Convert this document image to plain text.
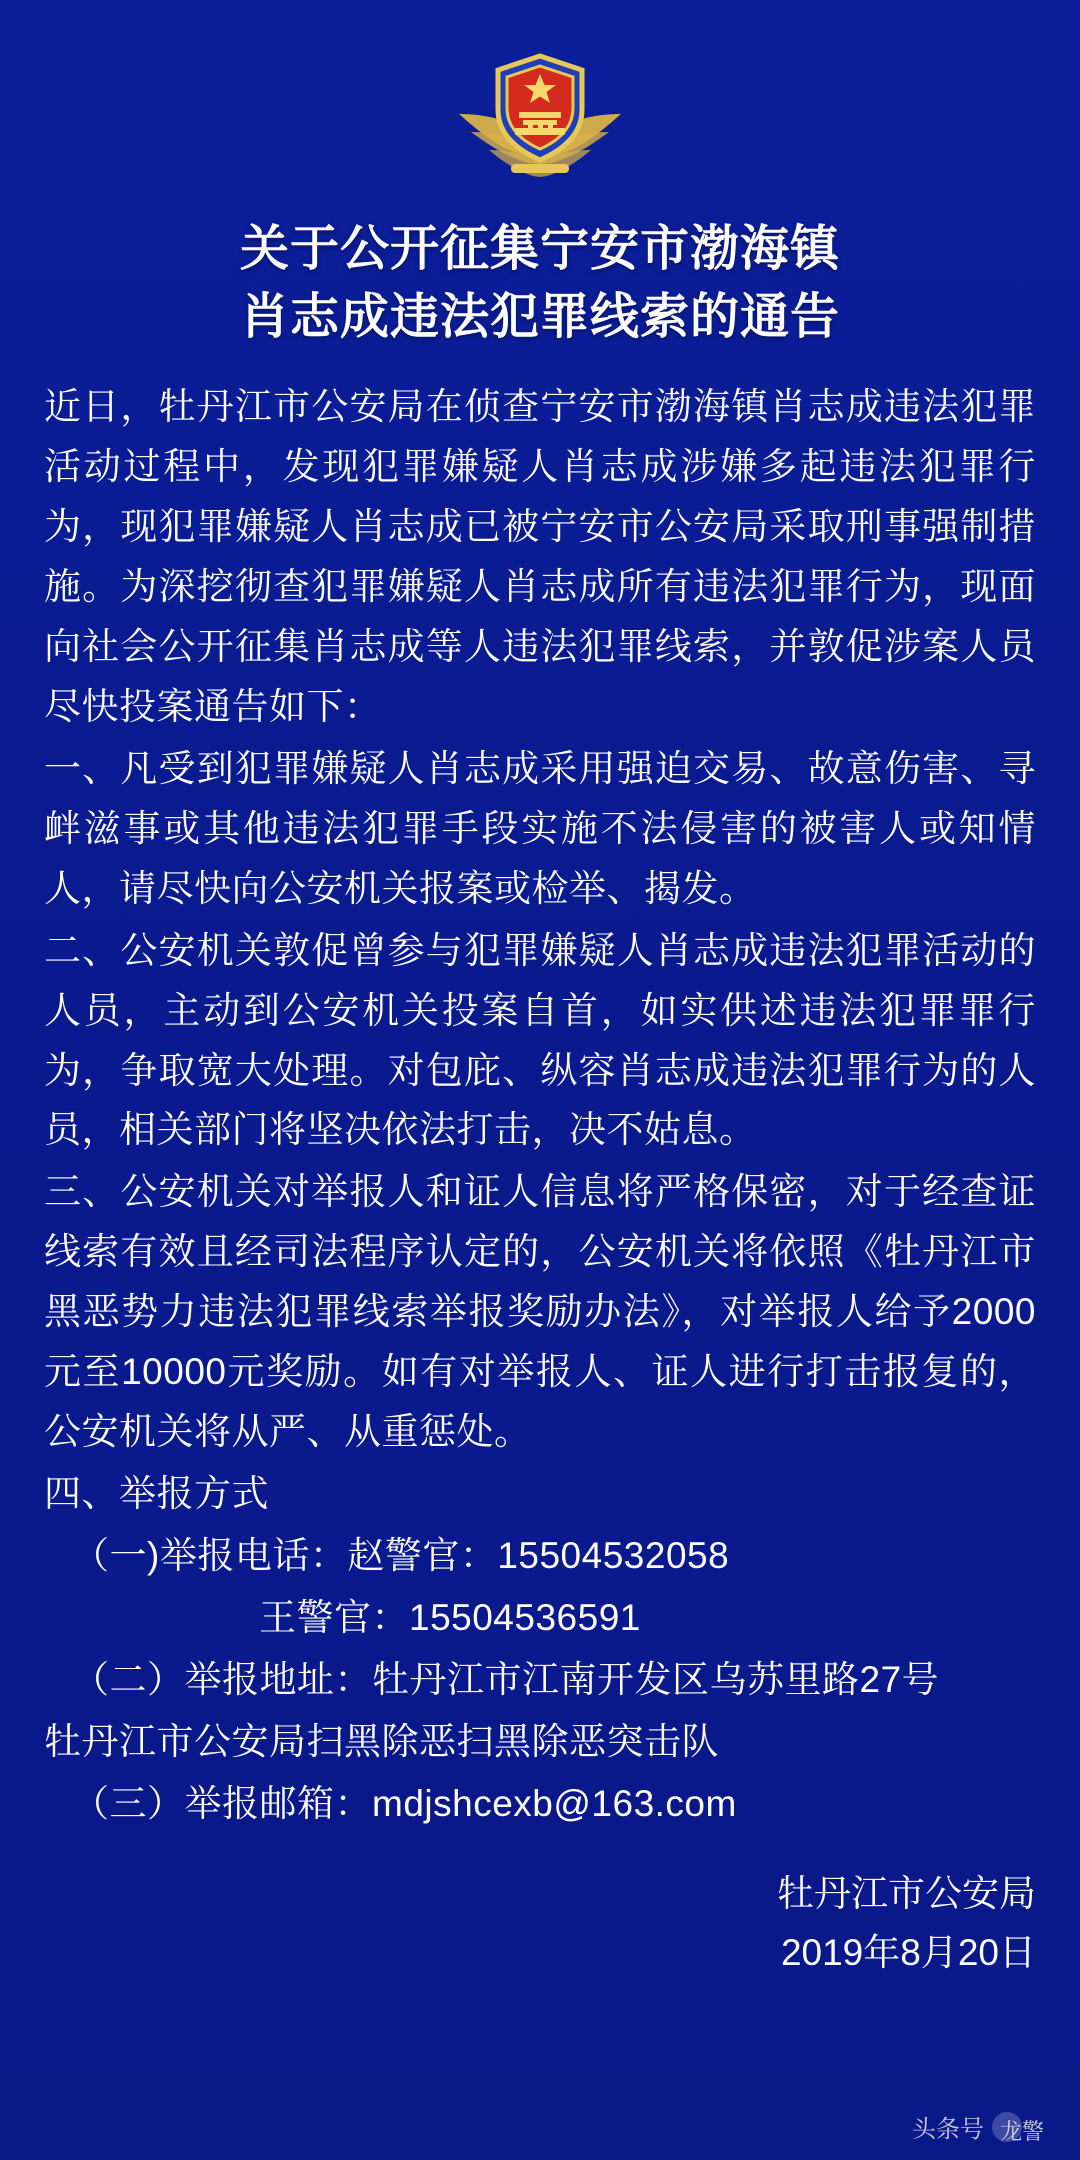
关于公开征集宁安市渤海镇
肖志成违法犯罪线索的通告

近日，牡丹江市公安局在侦查宁安市渤海镇肖志成违法犯罪活动过程中，发现犯罪嫌疑人肖志成涉嫌多起违法犯罪行为，现犯罪嫌疑人肖志成已被宁安市公安局采取刑事强制措施。为深挖彻查犯罪嫌疑人肖志成所有违法犯罪行为，现面向社会公开征集肖志成等人违法犯罪线索，并敦促涉案人员尽快投案通告如下：

一、凡受到犯罪嫌疑人肖志成采用强迫交易、故意伤害、寻衅滋事或其他违法犯罪手段实施不法侵害的被害人或知情人，请尽快向公安机关报案或检举、揭发。

二、公安机关敦促曾参与犯罪嫌疑人肖志成违法犯罪活动的人员，主动到公安机关投案自首，如实供述违法犯罪罪行为，争取宽大处理。对包庇、纵容肖志成违法犯罪行为的人员，相关部门将坚决依法打击，决不姑息。

三、公安机关对举报人和证人信息将严格保密，对于经查证线索有效且经司法程序认定的，公安机关将依照《牡丹江市黑恶势力违法犯罪线索举报奖励办法》，对举报人给予2000元至10000元奖励。如有对举报人、证人进行打击报复的，公安机关将从严、从重惩处。

四、举报方式

（一)举报电话：赵警官：15504532058

王警官：15504536591

（二）举报地址：牡丹江市江南开发区乌苏里路27号

牡丹江市公安局扫黑除恶扫黑除恶突击队

（三）举报邮箱：mdjshcexb@163.com

牡丹江市公安局
2019年8月20日
头条号 龙警
